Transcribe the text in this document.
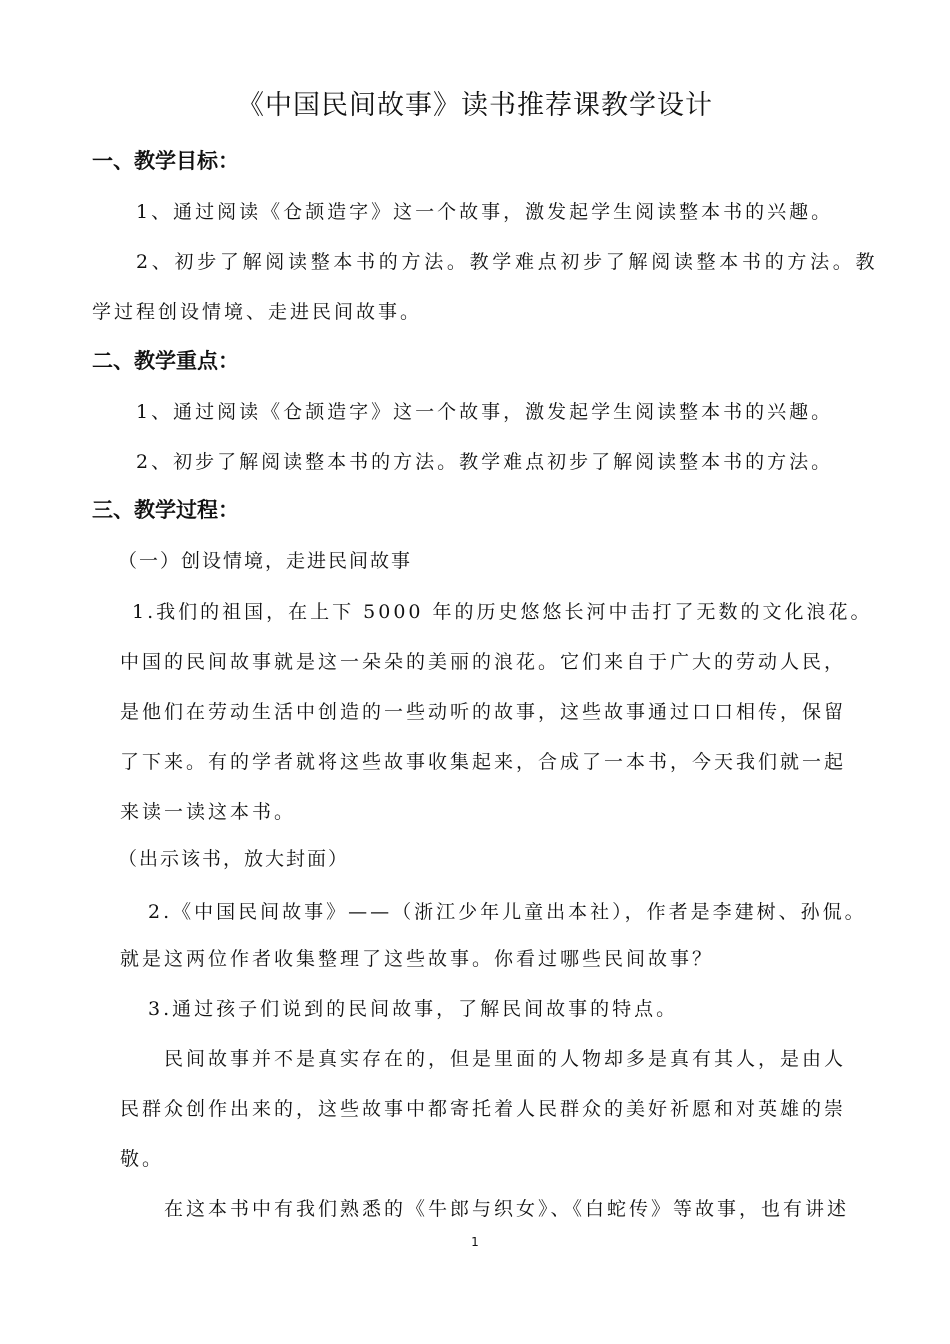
《中国民间故事》读书推荐课教学设计
一、教学目标：
1、通过阅读《仓颉造字》这一个故事，激发起学生阅读整本书的兴趣。
2、初步了解阅读整本书的方法。教学难点初步了解阅读整本书的方法。教
学过程创设情境、走进民间故事。
二、教学重点：
1、通过阅读《仓颉造字》这一个故事，激发起学生阅读整本书的兴趣。
2、初步了解阅读整本书的方法。教学难点初步了解阅读整本书的方法。
三、教学过程：
（一）创设情境，走进民间故事
1.我们的祖国，在上下 5000 年的历史悠悠长河中击打了无数的文化浪花。
中国的民间故事就是这一朵朵的美丽的浪花。它们来自于广大的劳动人民，
是他们在劳动生活中创造的一些动听的故事，这些故事通过口口相传，保留
了下来。有的学者就将这些故事收集起来，合成了一本书，今天我们就一起
来读一读这本书。
（出示该书，放大封面）
2.《中国民间故事》——（浙江少年儿童出本社），作者是李建树、孙侃。
就是这两位作者收集整理了这些故事。你看过哪些民间故事？
3.通过孩子们说到的民间故事，了解民间故事的特点。
民间故事并不是真实存在的，但是里面的人物却多是真有其人，是由人
民群众创作出来的，这些故事中都寄托着人民群众的美好祈愿和对英雄的崇
敬。
在这本书中有我们熟悉的《牛郎与织女》、《白蛇传》等故事，也有讲述
1
